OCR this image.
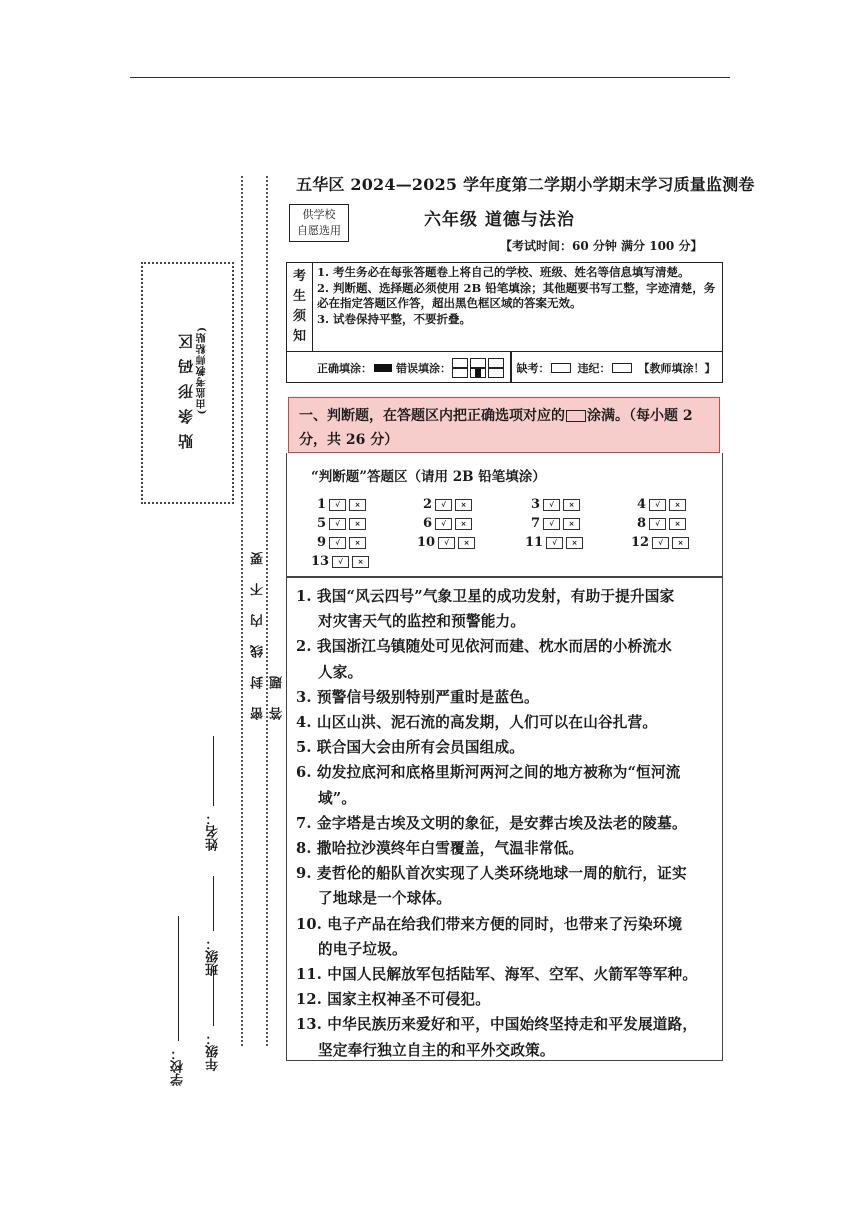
贴条形码区 (由监考教师粘贴)
密封线内不要答题
学校： 年级：
班级：
姓名：
五华区 2024—2025 学年度第二学期小学期末学习质量监测卷
供学校
自愿选用
六年级 道德与法治
【考试时间：60 分钟 满分 100 分】
考
生
须
知
1. 考生务必在每张答题卷上将自己的学校、班级、姓名等信息填写清楚。
2. 判断题、选择题必须使用 2B 铅笔填涂；其他题要书写工整，字迹清楚，务必在指定答题区作答，超出黑色框区域的答案无效。
3. 试卷保持平整，不要折叠。
正确填涂： 错误填涂：	缺考：	违纪：	【教师填涂！】
一、判断题，在答题区内把正确选项对应的 涂满。（每小题 2 分，共 26 分）
“判断题”答题区（请用 2B 铅笔填涂）
1	√	×	2	√	×	3	√	×	4	√	×
5	√	×	6	√	×	7	√	×	8	√	×
9	√	×	10	√	×	11	√	×	12	√	×
13	√	×
1. 我国“风云四号”气象卫星的成功发射，有助于提升国家
对灾害天气的监控和预警能力。
2. 我国浙江乌镇随处可见依河而建、枕水而居的小桥流水
人家。
3. 预警信号级别特别严重时是蓝色。
4. 山区山洪、泥石流的高发期，人们可以在山谷扎营。
5. 联合国大会由所有会员国组成。
6. 幼发拉底河和底格里斯河两河之间的地方被称为“恒河流
域”。
7. 金字塔是古埃及文明的象征，是安葬古埃及法老的陵墓。
8. 撒哈拉沙漠终年白雪覆盖，气温非常低。
9. 麦哲伦的船队首次实现了人类环绕地球一周的航行，证实
了地球是一个球体。
10. 电子产品在给我们带来方便的同时，也带来了污染环境
的电子垃圾。
11. 中国人民解放军包括陆军、海军、空军、火箭军等军种。
12. 国家主权神圣不可侵犯。
13. 中华民族历来爱好和平，中国始终坚持走和平发展道路，
坚定奉行独立自主的和平外交政策。
